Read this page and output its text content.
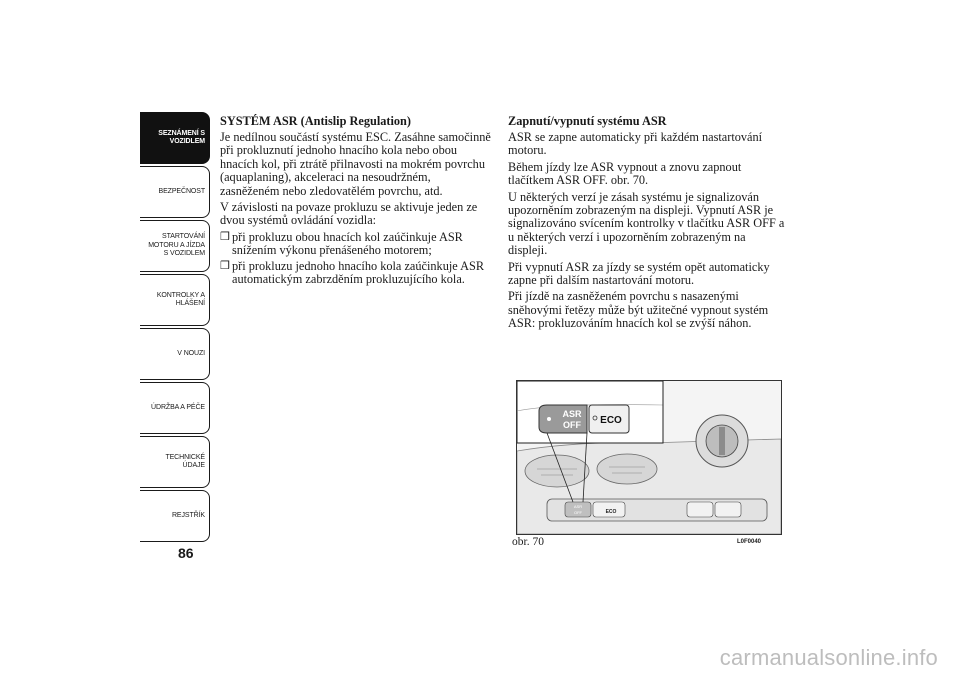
SEZNÁMENÍ S
VOZIDLEM
BEZPEČNOST
STARTOVÁNÍ
MOTORU A JÍZDA
S VOZIDLEM
KONTROLKY A
HLÁŠENÍ
V NOUZI
ÚDRŽBA A PÉČE
TECHNICKÉ
ÚDAJE
REJSTŘÍK
86
SYSTÉM ASR (Antislip Regulation)

Je nedílnou součástí systému ESC. Zasáhne samočinně při prokluznutí jednoho hnacího kola nebo obou hnacích kol, při ztrátě přilnavosti na mokrém povrchu (aquaplaning), akceleraci na nesoudržném, zasněženém nebo zledovatělém povrchu, atd.

V závislosti na povaze prokluzu se aktivuje jeden ze dvou systémů ovládání vozidla:

❒ při prokluzu obou hnacích kol zaúčinkuje ASR snížením výkonu přenášeného motorem;
❒ při prokluzu jednoho hnacího kola zaúčinkuje ASR automatickým zabrzděním prokluzujícího kola.
Zapnutí/vypnutí systému ASR

ASR se zapne automaticky při každém nastartování motoru.

Během jízdy lze ASR vypnout a znovu zapnout tlačítkem ASR OFF. obr. 70.

U některých verzí je zásah systému je signalizován upozorněním zobrazeným na displeji. Vypnutí ASR je signalizováno svícením kontrolky v tlačítku ASR OFF a u některých verzí i upozorněním zobrazeným na displeji.

Při vypnutí ASR za jízdy se systém opět automaticky zapne při dalším nastartování motoru.

Při jízdě na zasněženém povrchu s nasazenými sněhovými řetězy může být užitečné vypnout systém ASR: prokluzováním hnacích kol se zvýší náhon.

ASR
OFF	ECO
ASR
OFF ECO
obr. 70	L0F0040
carmanualsonline.info
